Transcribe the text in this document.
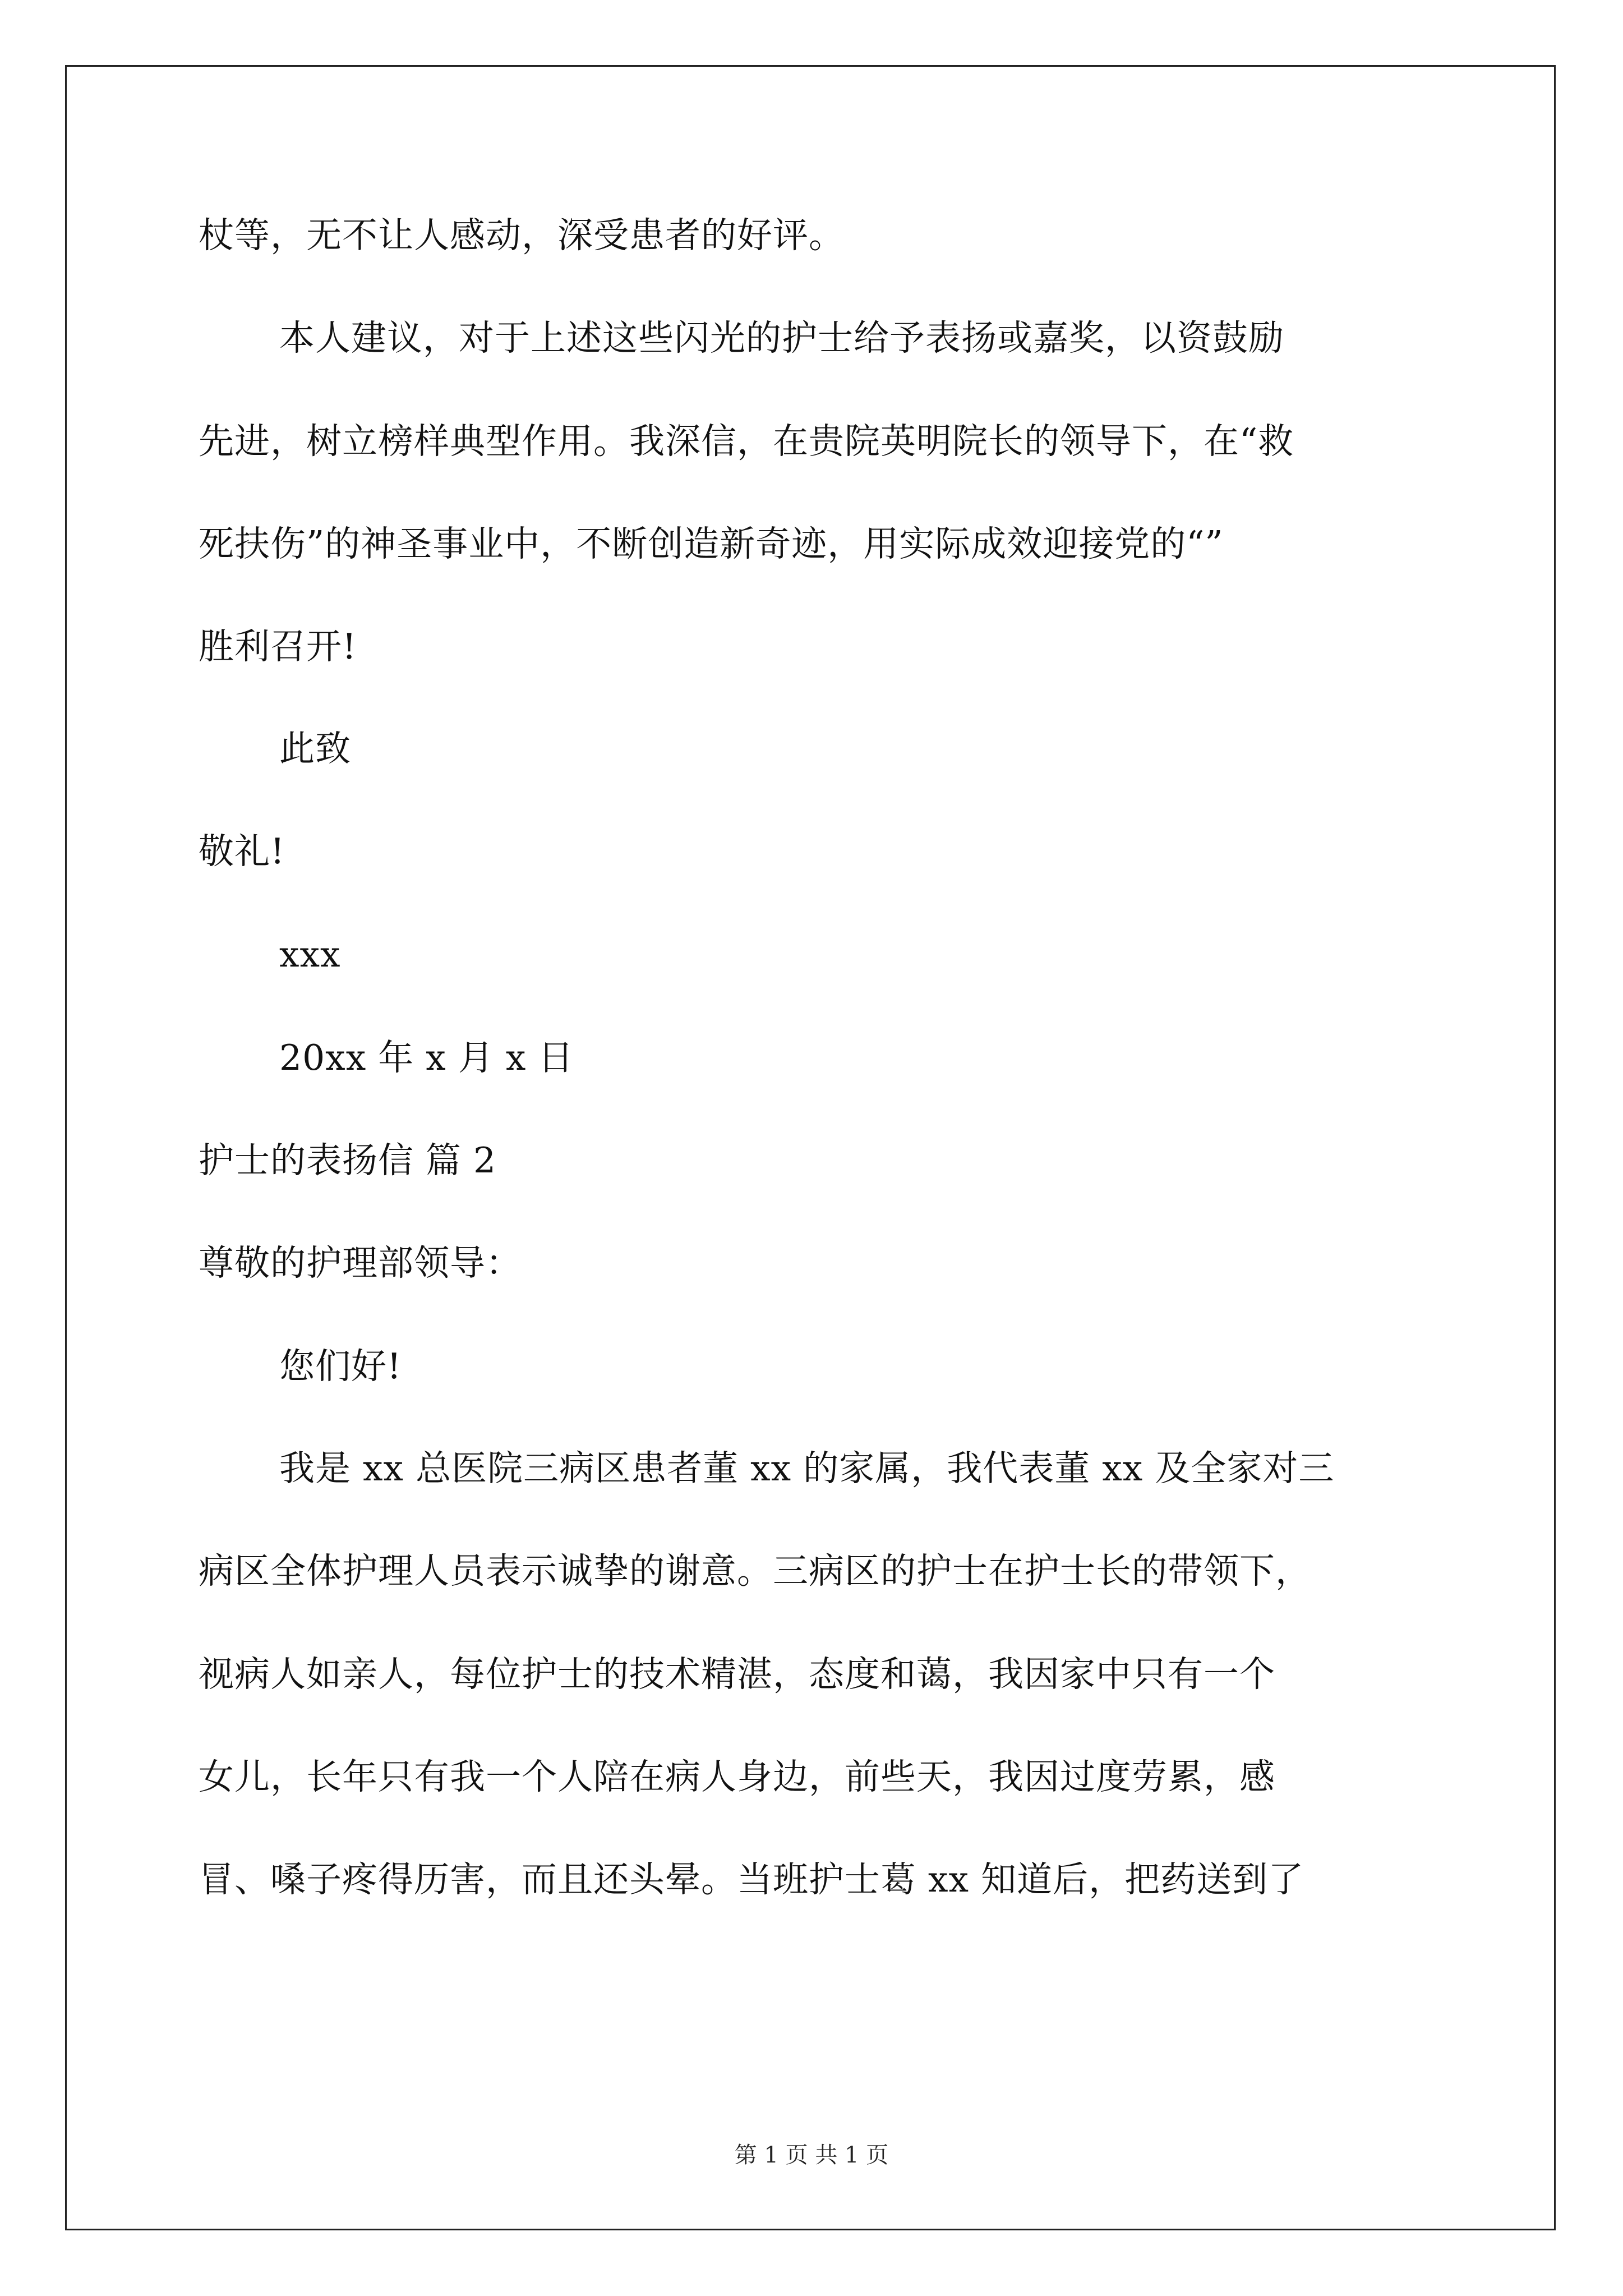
杖等，无不让人感动，深受患者的好评。
本人建议，对于上述这些闪光的护士给予表扬或嘉奖，以资鼓励
先进，树立榜样典型作用。我深信，在贵院英明院长的领导下，在“救
死扶伤”的神圣事业中，不断创造新奇迹，用实际成效迎接党的“”
胜利召开!
此致
敬礼!
xxx
20xx 年 x 月 x 日
护士的表扬信 篇 2
尊敬的护理部领导：
您们好!
我是 xx 总医院三病区患者董 xx 的家属，我代表董 xx 及全家对三
病区全体护理人员表示诚挚的谢意。三病区的护士在护士长的带领下，
视病人如亲人，每位护士的技术精湛，态度和蔼，我因家中只有一个
女儿，长年只有我一个人陪在病人身边，前些天，我因过度劳累，感
冒、嗓子疼得历害，而且还头晕。当班护士葛 xx 知道后，把药送到了
第 1 页 共 1 页
